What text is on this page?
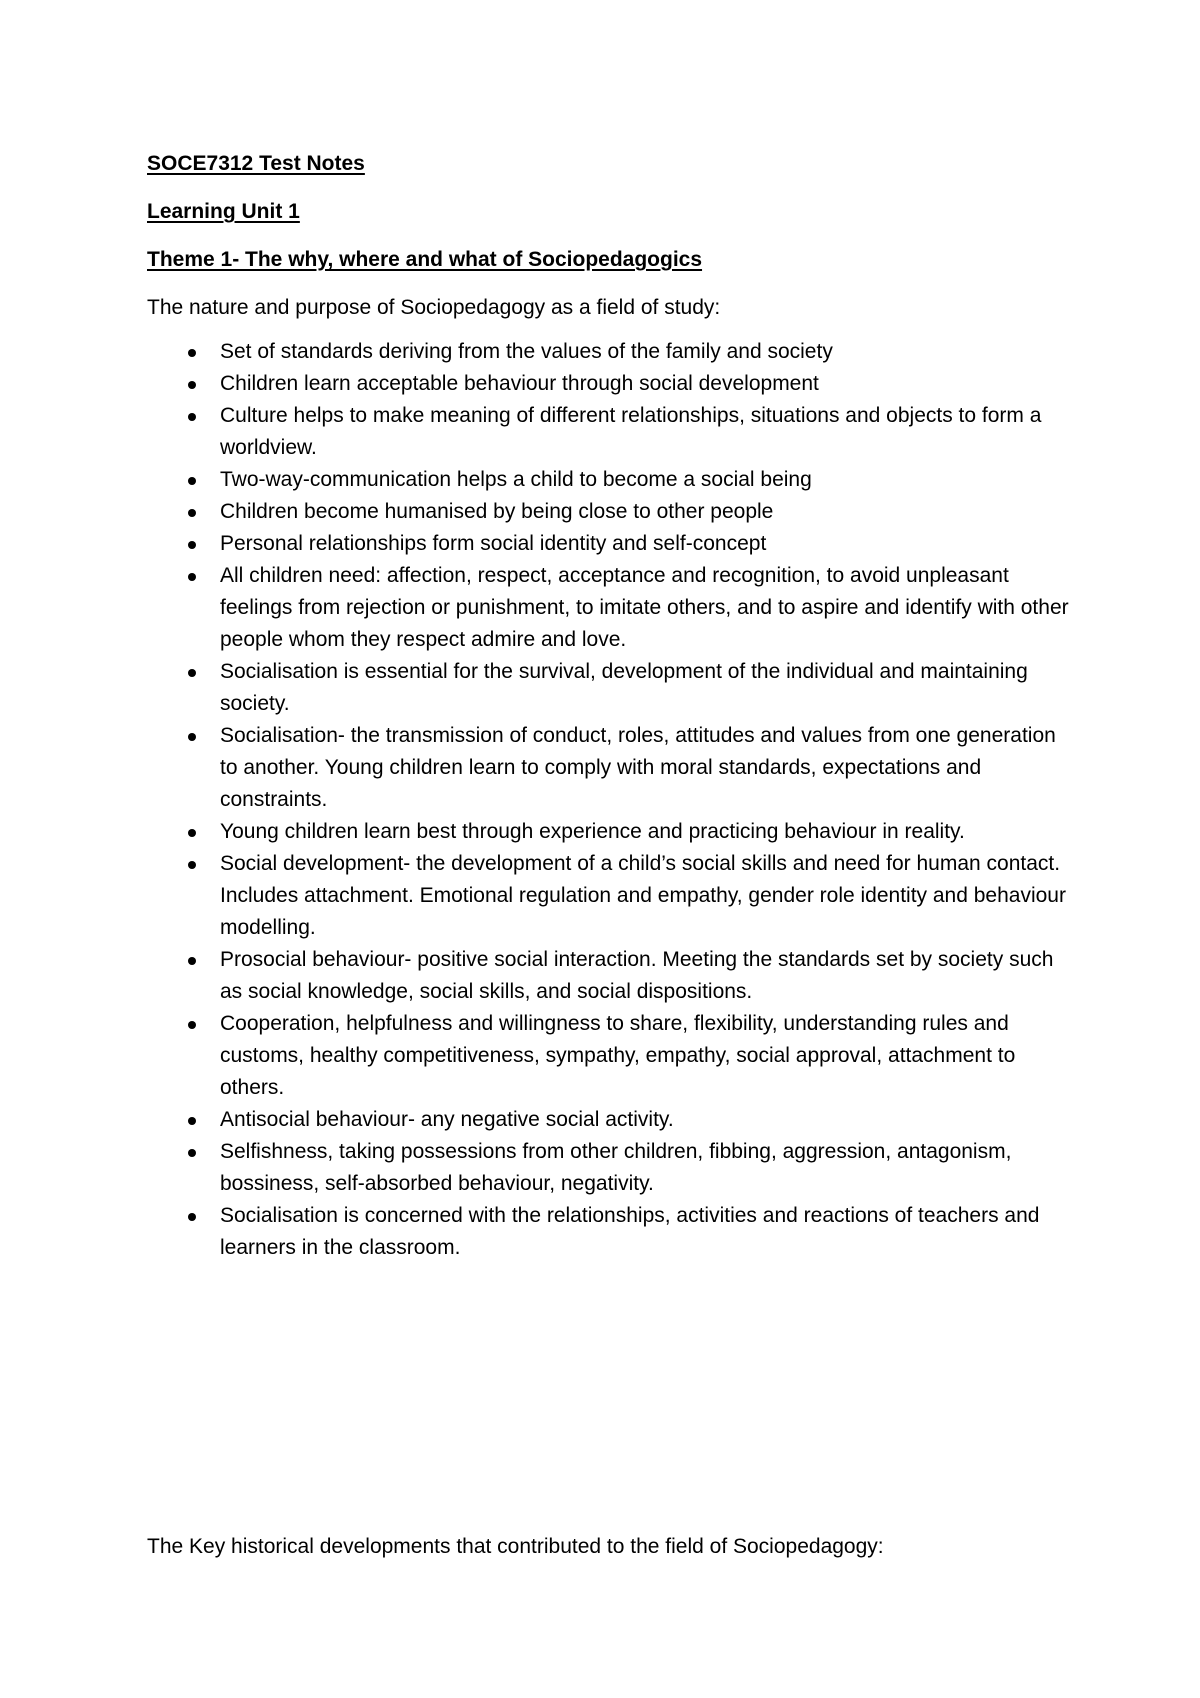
SOCE7312 Test Notes

Learning Unit 1

Theme 1- The why, where and what of Sociopedagogics

The nature and purpose of Sociopedagogy as a field of study:

Set of standards deriving from the values of the family and society
Children learn acceptable behaviour through social development
Culture helps to make meaning of different relationships, situations and objects to form a worldview.
Two-way-communication helps a child to become a social being
Children become humanised by being close to other people
Personal relationships form social identity and self-concept
All children need: affection, respect, acceptance and recognition, to avoid unpleasant feelings from rejection or punishment, to imitate others, and to aspire and identify with other people whom they respect admire and love.
Socialisation is essential for the survival, development of the individual and maintaining society.
Socialisation- the transmission of conduct, roles, attitudes and values from one generation to another. Young children learn to comply with moral standards, expectations and constraints.
Young children learn best through experience and practicing behaviour in reality.
Social development- the development of a child’s social skills and need for human contact. Includes attachment. Emotional regulation and empathy, gender role identity and behaviour modelling.
Prosocial behaviour- positive social interaction. Meeting the standards set by society such as social knowledge, social skills, and social dispositions.
Cooperation, helpfulness and willingness to share, flexibility, understanding rules and customs, healthy competitiveness, sympathy, empathy, social approval, attachment to others.
Antisocial behaviour- any negative social activity.
Selfishness, taking possessions from other children, fibbing, aggression, antagonism, bossiness, self-absorbed behaviour, negativity.
Socialisation is concerned with the relationships, activities and reactions of teachers and learners in the classroom.

The Key historical developments that contributed to the field of Sociopedagogy:
